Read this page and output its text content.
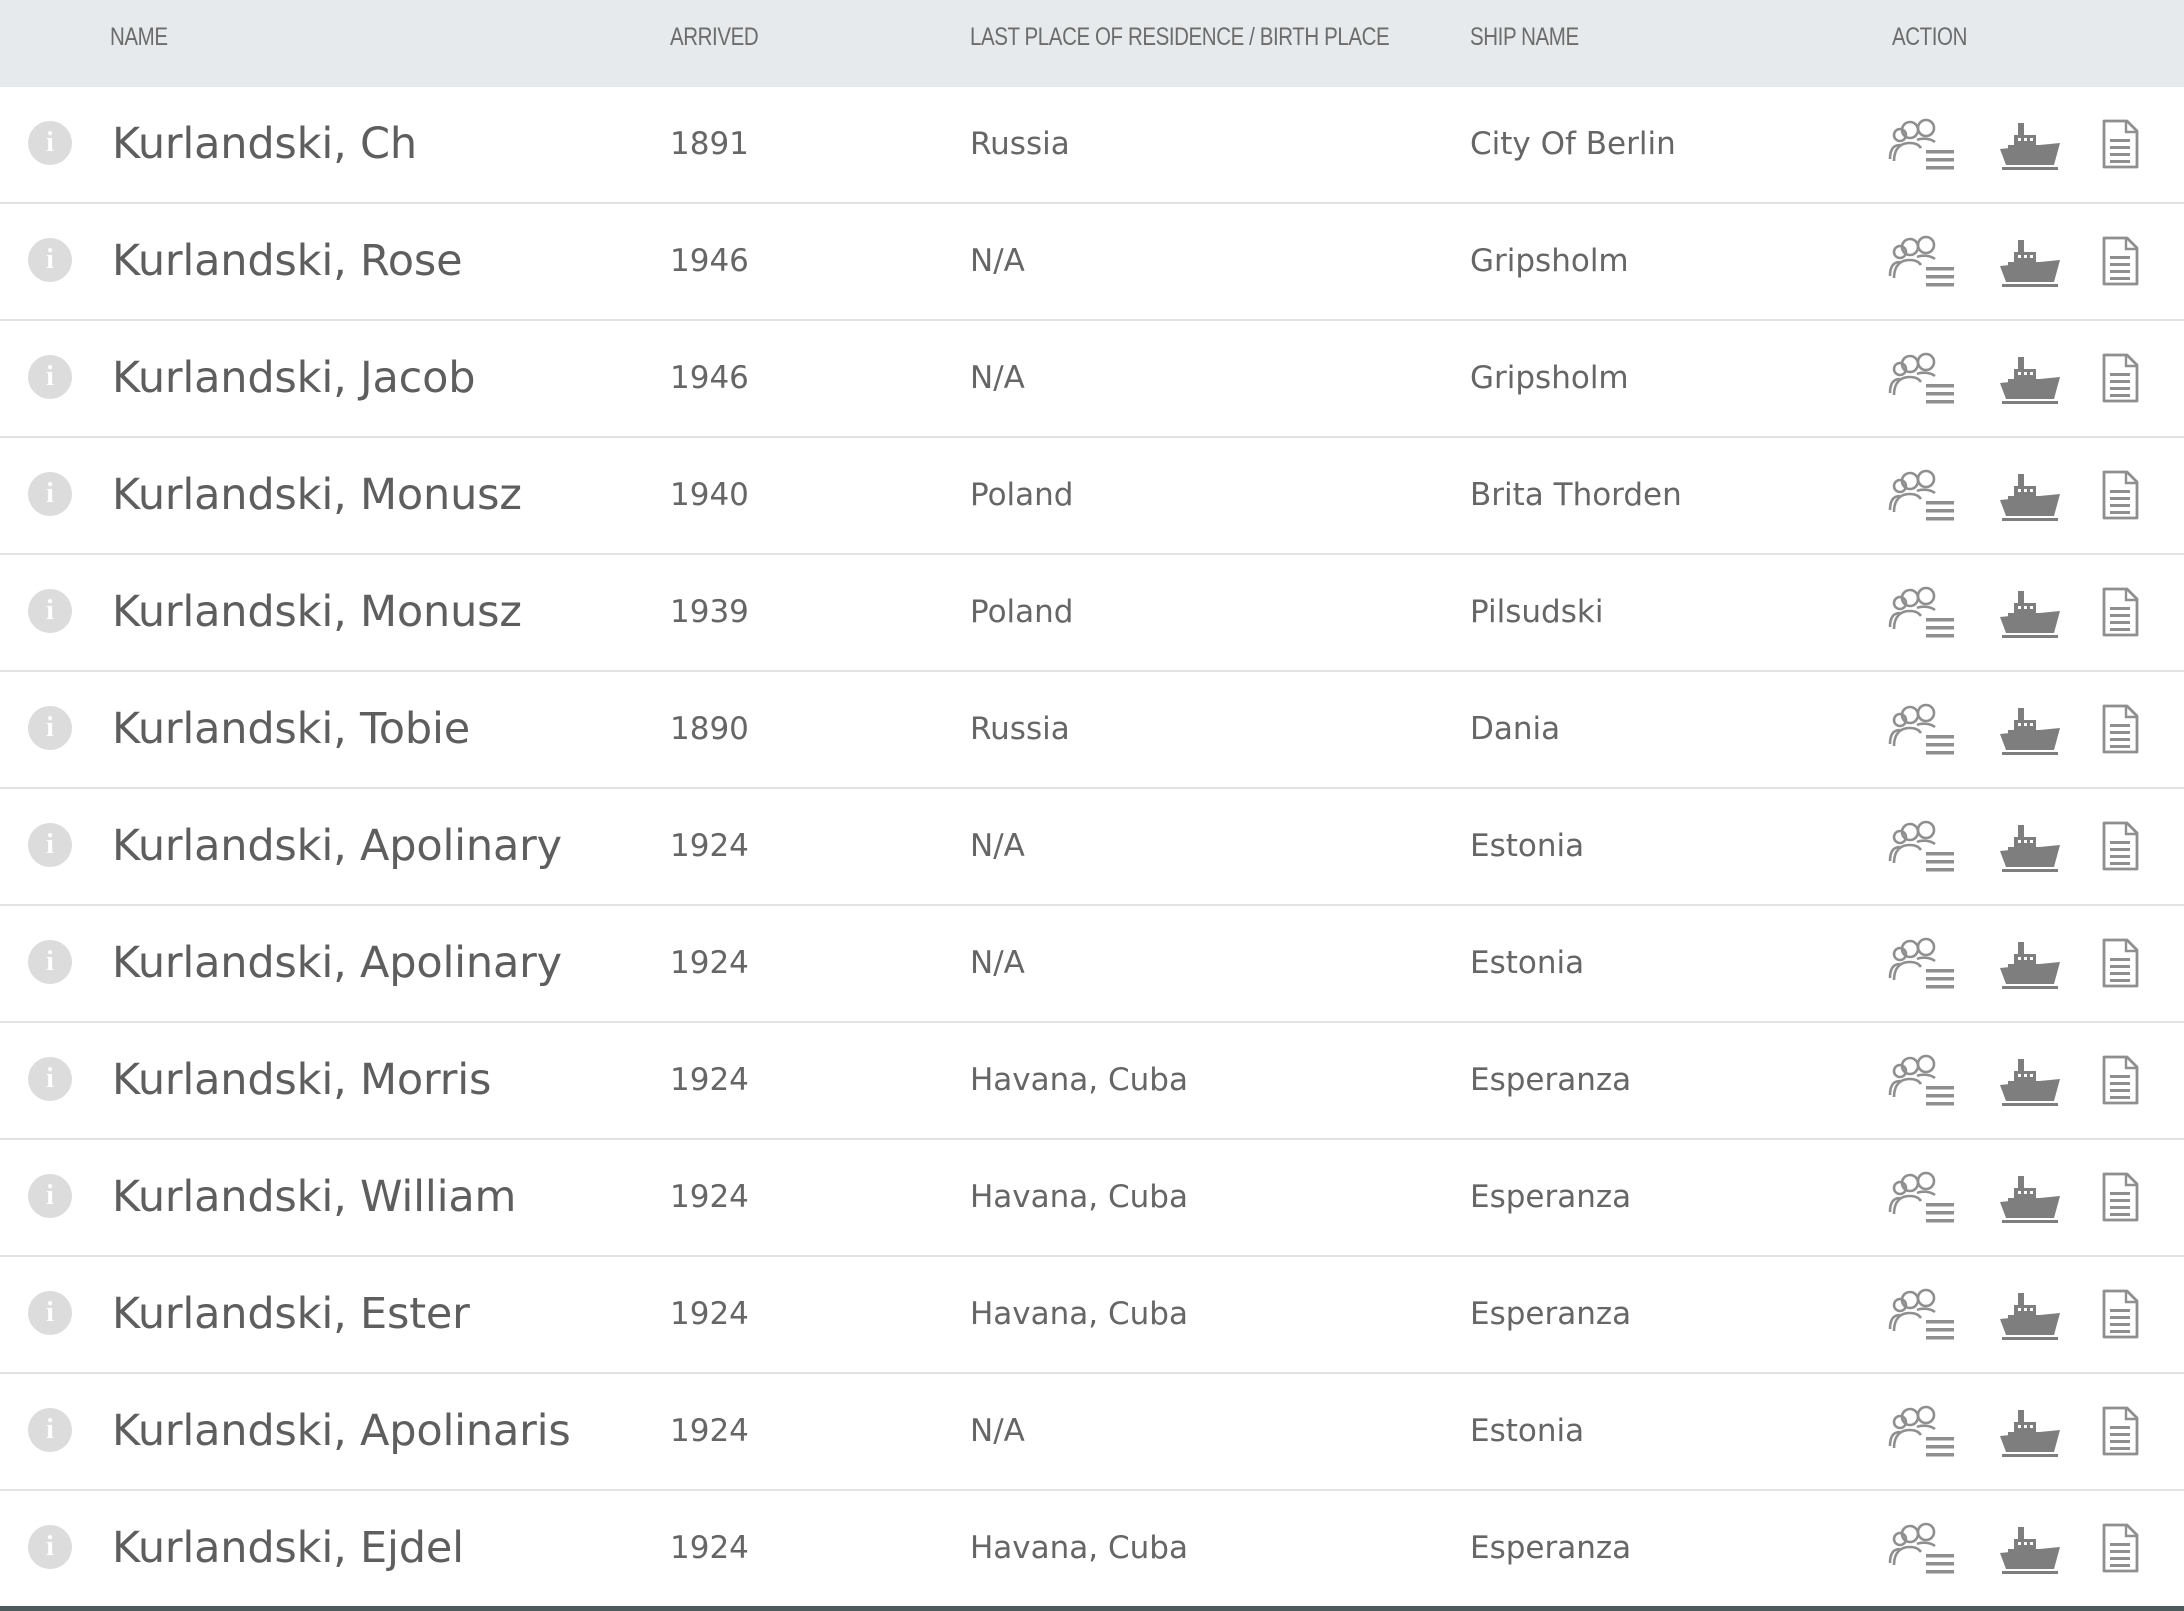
NAME	ARRIVED	LAST PLACE OF RESIDENCE / BIRTH PLACE	SHIP NAME	ACTION
i	Kurlandski, Ch	1891	Russia	City Of Berlin
i	Kurlandski, Rose	1946	N/A	Gripsholm
i	Kurlandski, Jacob	1946	N/A	Gripsholm
i	Kurlandski, Monusz	1940	Poland	Brita Thorden
i	Kurlandski, Monusz	1939	Poland	Pilsudski
i	Kurlandski, Tobie	1890	Russia	Dania
i	Kurlandski, Apolinary	1924	N/A	Estonia
i	Kurlandski, Apolinary	1924	N/A	Estonia
i	Kurlandski, Morris	1924	Havana, Cuba	Esperanza
i	Kurlandski, William	1924	Havana, Cuba	Esperanza
i	Kurlandski, Ester	1924	Havana, Cuba	Esperanza
i	Kurlandski, Apolinaris	1924	N/A	Estonia
i	Kurlandski, Ejdel	1924	Havana, Cuba	Esperanza
